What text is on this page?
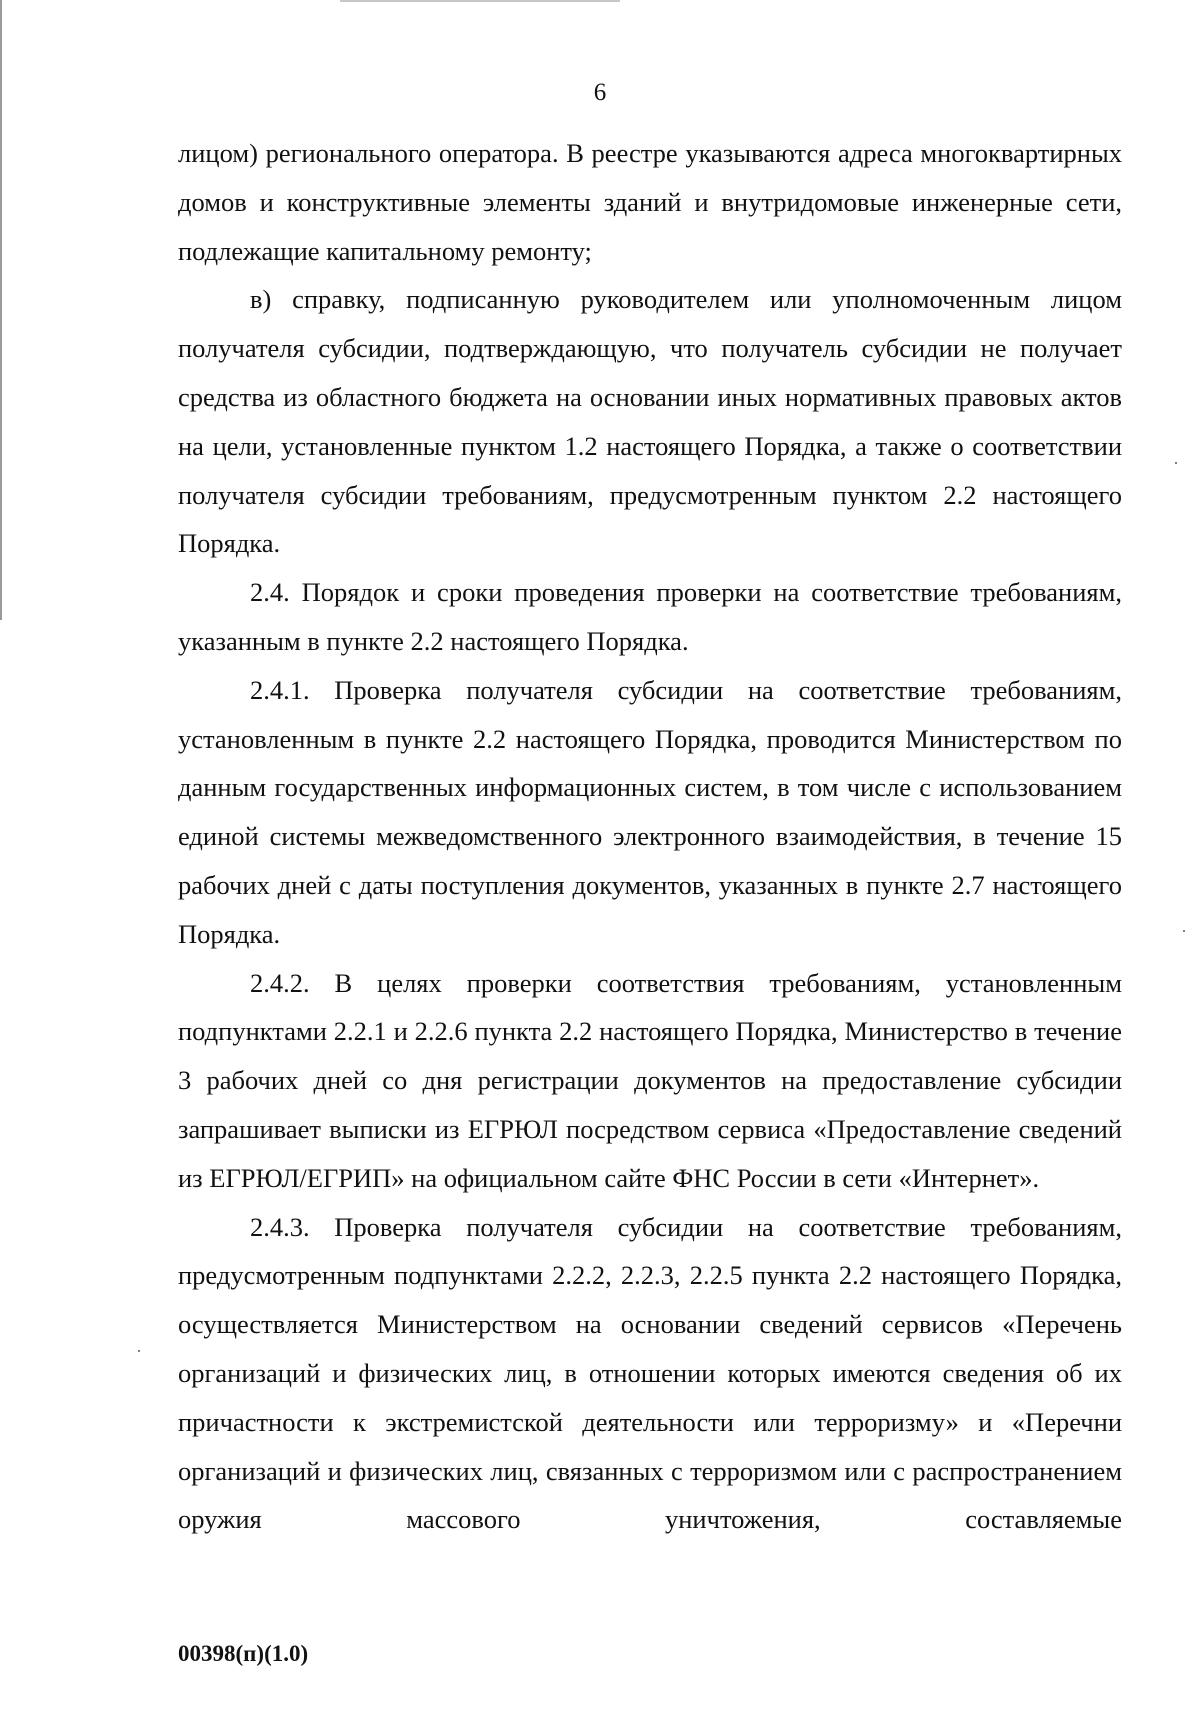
6

лицом) регионального оператора. В реестре указываются адреса многоквартирных домов и конструктивные элементы зданий и внутридомовые инженерные сети, подлежащие капитальному ремонту;

в) справку, подписанную руководителем или уполномоченным лицом получателя субсидии, подтверждающую, что получатель субсидии не получает средства из областного бюджета на основании иных нормативных правовых актов на цели, установленные пунктом 1.2 настоящего Порядка, а также о соответствии получателя субсидии требованиям, предусмотренным пунктом 2.2 настоящего Порядка.

2.4. Порядок и сроки проведения проверки на соответствие требованиям, указанным в пункте 2.2 настоящего Порядка.

2.4.1. Проверка получателя субсидии на соответствие требованиям, установленным в пункте 2.2 настоящего Порядка, проводится Министерством по данным государственных информационных систем, в том числе с использованием единой системы межведомственного электронного взаимодействия, в течение 15 рабочих дней с даты поступления документов, указанных в пункте 2.7 настоящего Порядка.

2.4.2. В целях проверки соответствия требованиям, установленным подпунктами 2.2.1 и 2.2.6 пункта 2.2 настоящего Порядка, Министерство в течение 3 рабочих дней со дня регистрации документов на предоставление субсидии запрашивает выписки из ЕГРЮЛ посредством сервиса «Предоставление сведений из ЕГРЮЛ/ЕГРИП» на официальном сайте ФНС России в сети «Интернет».

2.4.3. Проверка получателя субсидии на соответствие требованиям, предусмотренным подпунктами 2.2.2, 2.2.3, 2.2.5 пункта 2.2 настоящего Порядка, осуществляется Министерством на основании сведений сервисов «Перечень организаций и физических лиц, в отношении которых имеются сведения об их причастности к экстремистской деятельности или терроризму» и «Перечни организаций и физических лиц, связанных с терроризмом или с распространением оружия массового уничтожения, составляемые

00398(п)(1.0)
